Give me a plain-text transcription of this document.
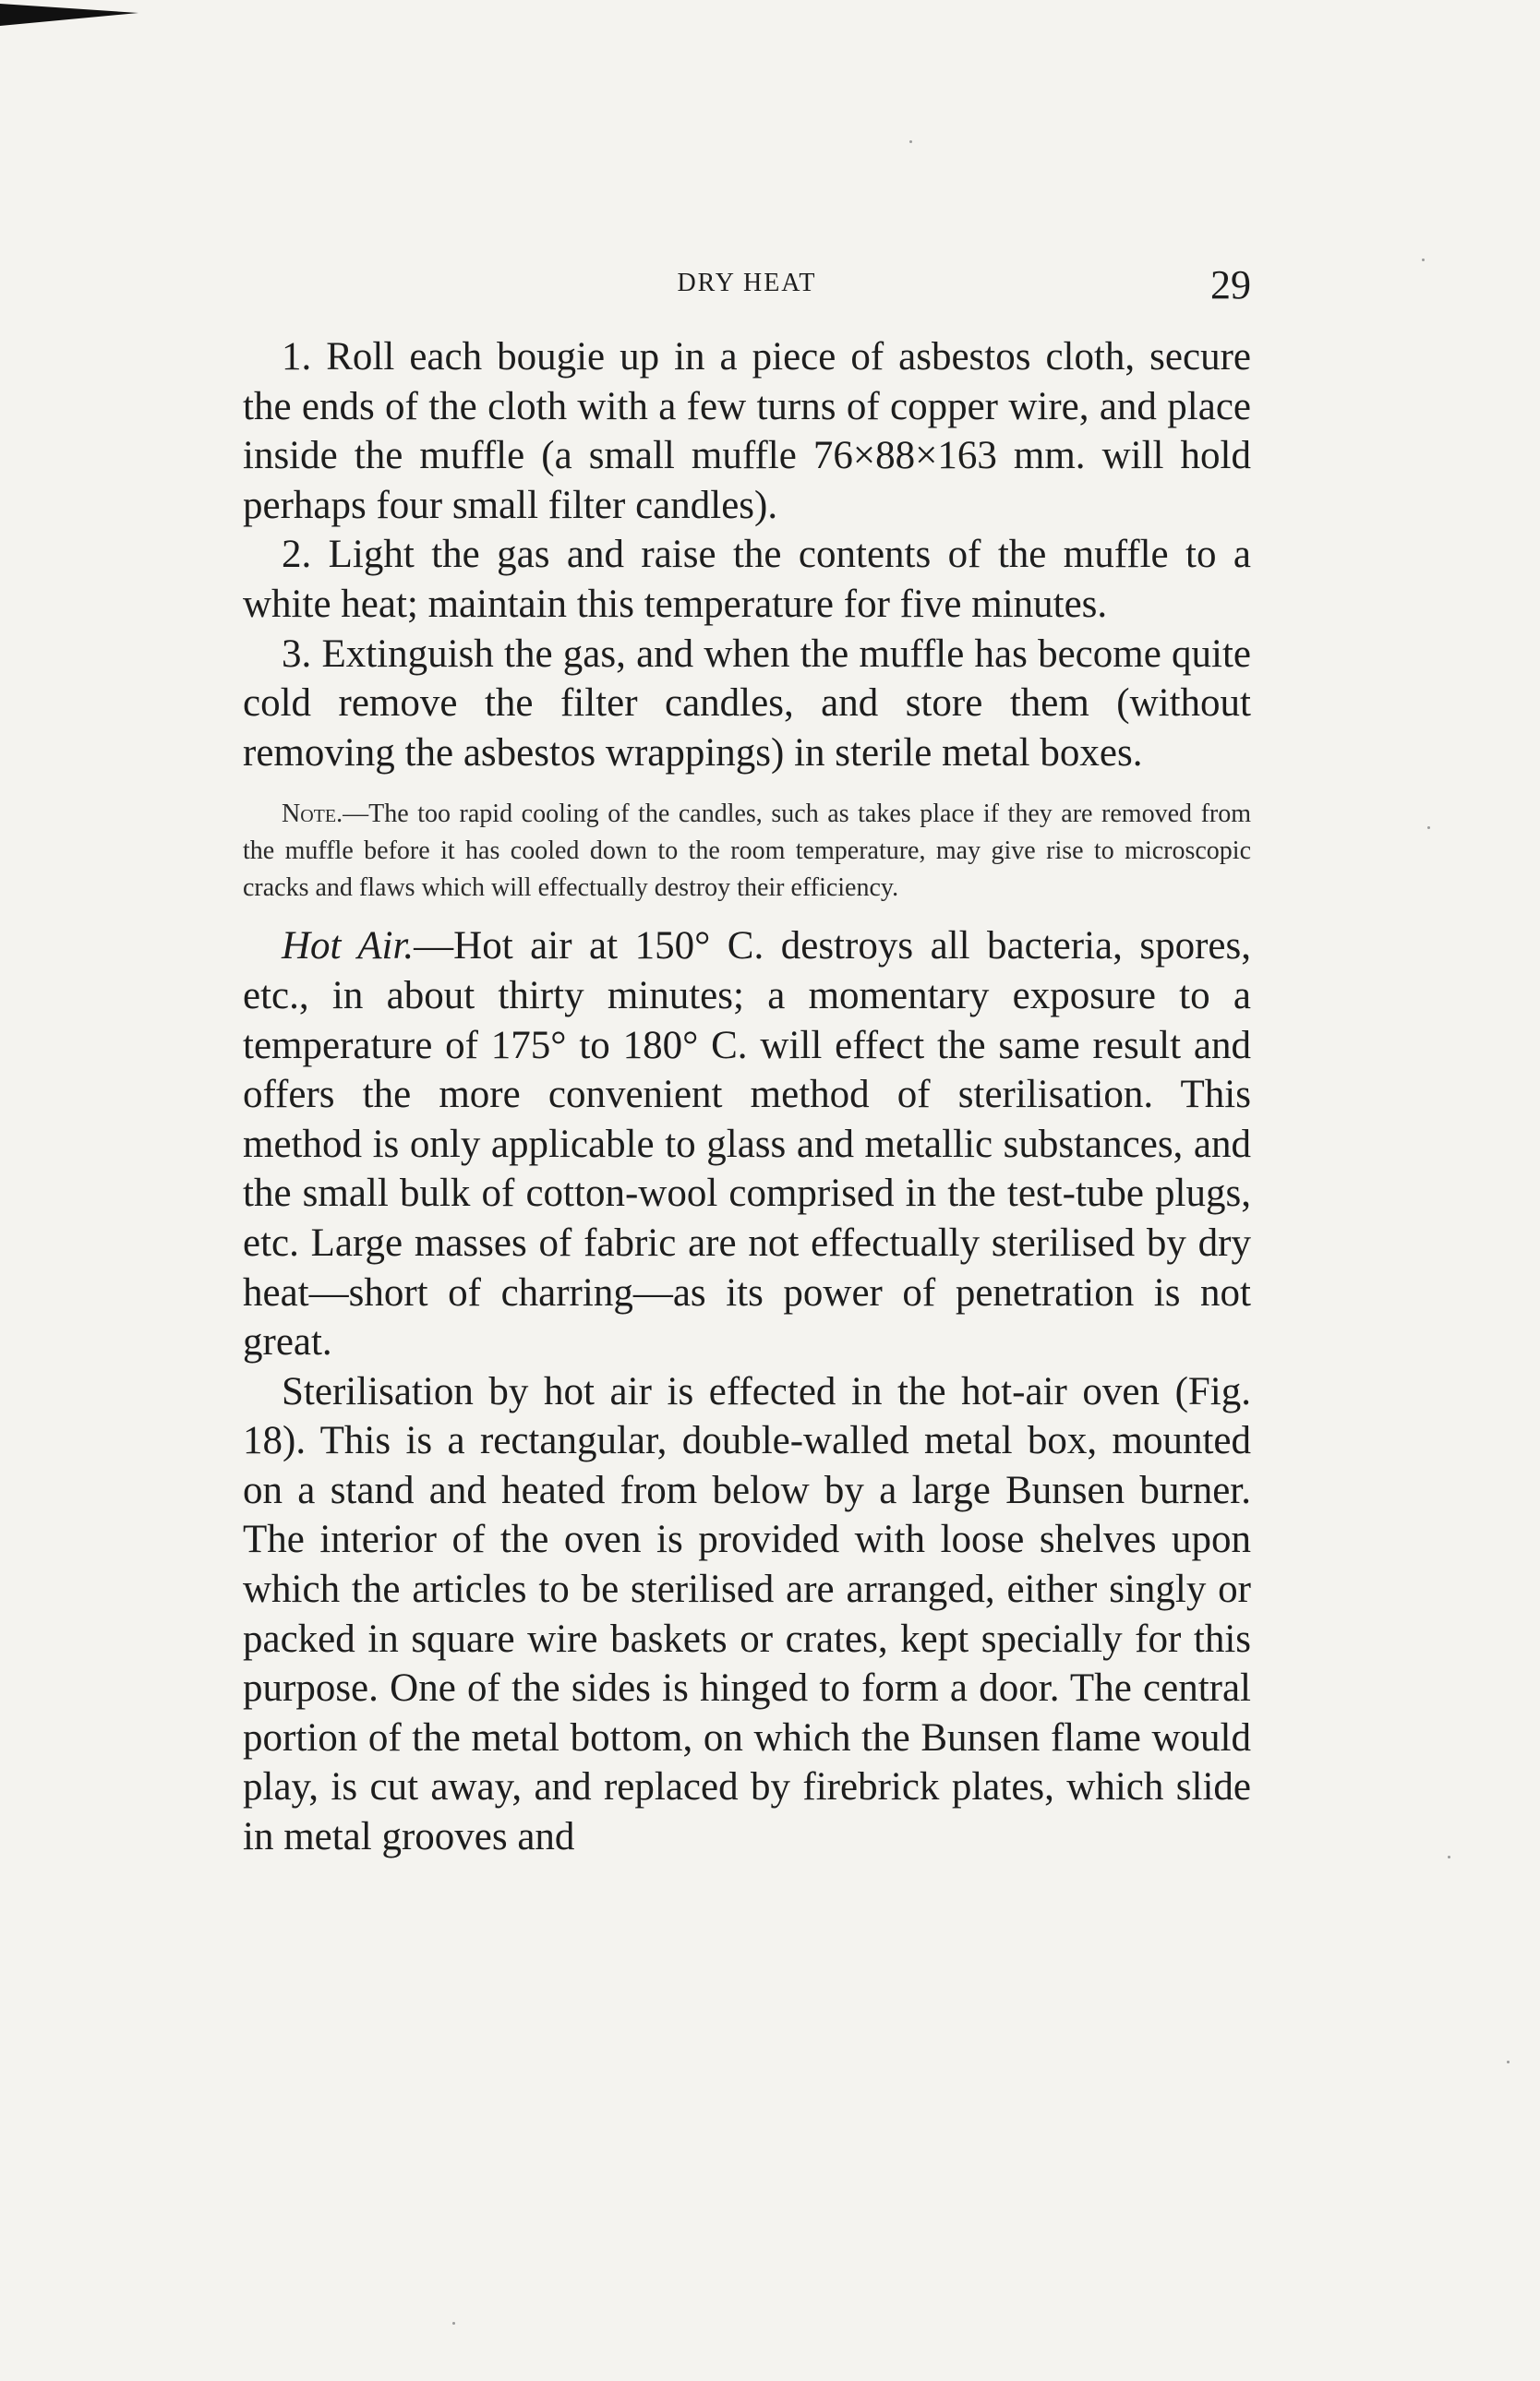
DRY HEAT	29

1. Roll each bougie up in a piece of asbestos cloth, secure the ends of the cloth with a few turns of copper wire, and place inside the muffle (a small muffle 76×88×163 mm. will hold perhaps four small filter candles).

2. Light the gas and raise the contents of the muffle to a white heat; maintain this temperature for five minutes.

3. Extinguish the gas, and when the muffle has become quite cold remove the filter candles, and store them (without removing the asbestos wrappings) in sterile metal boxes.

Note.—The too rapid cooling of the candles, such as takes place if they are removed from the muffle before it has cooled down to the room temperature, may give rise to microscopic cracks and flaws which will effectually destroy their efficiency.

Hot Air.—Hot air at 150° C. destroys all bacteria, spores, etc., in about thirty minutes; a momentary exposure to a temperature of 175° to 180° C. will effect the same result and offers the more convenient method of sterilisation. This method is only applicable to glass and metallic substances, and the small bulk of cotton-wool comprised in the test-tube plugs, etc. Large masses of fabric are not effectually sterilised by dry heat—short of charring—as its power of penetration is not great.

Sterilisation by hot air is effected in the hot-air oven (Fig. 18). This is a rectangular, double-walled metal box, mounted on a stand and heated from below by a large Bunsen burner. The interior of the oven is provided with loose shelves upon which the articles to be sterilised are arranged, either singly or packed in square wire baskets or crates, kept specially for this purpose. One of the sides is hinged to form a door. The central portion of the metal bottom, on which the Bunsen flame would play, is cut away, and replaced by firebrick plates, which slide in metal grooves and
